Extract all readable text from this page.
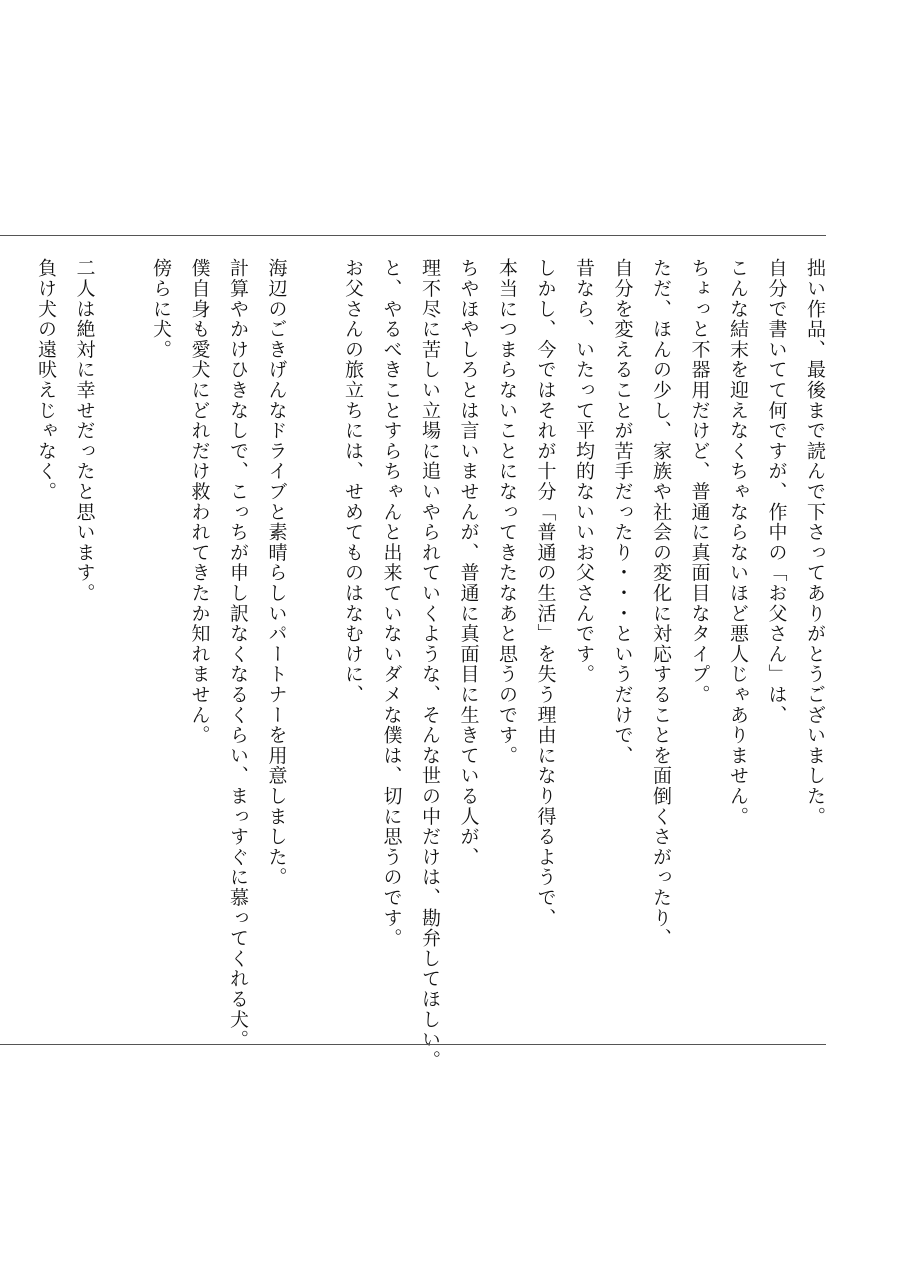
拙い作品、最後まで読んで下さってありがとうございました。
自分で書いてて何ですが、作中の「お父さん」は、
こんな結末を迎えなくちゃならないほど悪人じゃありません。
ちょっと不器用だけど、普通に真面目なタイプ。
ただ、ほんの少し、家族や社会の変化に対応することを面倒くさがったり、
自分を変えることが苦手だったり・・・というだけで、
昔なら、いたって平均的ないいお父さんです。
しかし、今ではそれが十分「普通の生活」を失う理由になり得るようで、
本当につまらないことになってきたなあと思うのです。
ちやほやしろとは言いませんが、普通に真面目に生きている人が、
理不尽に苦しい立場に追いやられていくような、そんな世の中だけは、勘弁してほしい。
と、やるべきことすらちゃんと出来ていないダメな僕は、切に思うのです。
お父さんの旅立ちには、せめてものはなむけに、
海辺のごきげんなドライブと素晴らしいパートナーを用意しました。
計算やかけひきなしで、こっちが申し訳なくなるくらい、まっすぐに慕ってくれる犬。
僕自身も愛犬にどれだけ救われてきたか知れません。
傍らに犬。
二人は絶対に幸せだったと思います。
負け犬の遠吠えじゃなく。
